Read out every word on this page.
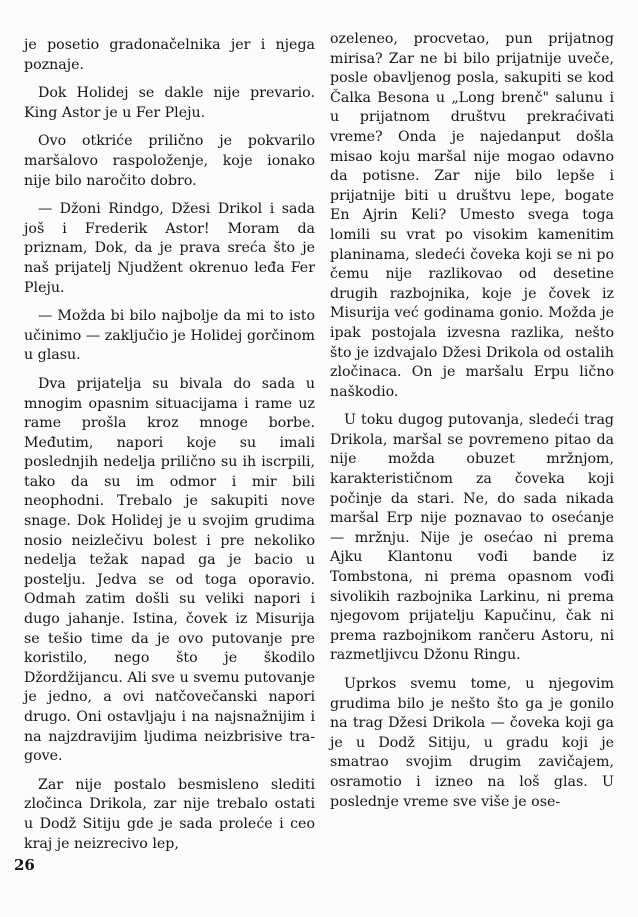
je posetio gradonačelnika jer i njega poznaje.

Dok Holidej se dakle nije prevario. King Astor je u Fer Pleju.

Ovo otkriće prilično je pokvarilo maršalovo raspoloženje, koje ionako nije bilo naročito dobro.

— Džoni Rindgo, Džesi Drikol i sada još i Frederik Astor! Moram da priznam, Dok, da je prava sreća što je naš prijatelj Njudžent okrenuo leđa Fer Pleju.

— Možda bi bilo najbolje da mi to isto učinimo — zaključio je Holidej gorčinom u glasu.

Dva prijatelja su bivala do sada u mnogim opasnim situacijama i rame uz rame prošla kroz mnoge borbe. Međutim, napori koje su imali poslednjih nedelja prilično su ih iscrpili, tako da su im odmor i mir bili neophodni. Trebalo je sakupiti nove snage. Dok Holidej je u svojim grudima nosio neizlečivu bolest i pre nekoliko nedelja težak napad ga je bacio u postelju. Jedva se od toga oporavio. Odmah zatim došli su veliki napori i dugo jahanje. Istina, čovek iz Misurija se tešio time da je ovo putovanje pre koristilo, nego što je škodilo Džordžijancu. Ali sve u svemu putovanje je jedno, a ovi natčovečanski napori drugo. Oni ostavljaju i na najsnažnijim i na najzdravijim ljudima neizbrisive tragove.

Zar nije postalo besmisleno slediti zločinca Drikola, zar nije trebalo ostati u Dodž Sitiju gde je sada proleće i ceo kraj je neizrecivo lep,

ozelenео, procvetao, pun prijatnog mirisa? Zar ne bi bilo prijatnije uveče, posle obavljenog posla, sakupiti se kod Čalka Besona u „Long brenč" salunu i u prijatnom društvu prekraćivati vreme? Onda je najedanput došla misao koju maršal nije mogao odavno da potisne. Zar nije bilo lepše i prijatnije biti u društvu lepe, bogate En Ajrin Keli? Umesto svega toga lomili su vrat po visokim kamenitim planinama, sledeći čoveka koji se ni po čemu nije razlikovao od desetine drugih razbojnika, koje je čovek iz Misurija već godinama gonio. Možda je ipak postojala izvesna razlika, nešto što je izdvajalo Džesi Drikola od ostalih zločinaca. On je maršalu Erpu lično naškodio.

U toku dugog putovanja, sledeći trag Drikola, maršal se povremeno pitao da nije možda obuzet mržnjom, karakterističnom za čoveka koji počinje da stari. Ne, do sada nikada maršal Erp nije poznavao to osećanje — mržnju. Nije je osećao ni prema Ajku Klantonu vođi bande iz Tombstona, ni prema opasnom vođi sivolikih razbojnika Larkinu, ni prema njegovom prijatelju Kapučinu, čak ni prema razbojnikom rančeru Astoru, ni razmetljivcu Džonu Ringu.

Uprkos svemu tome, u njegovim grudima bilo je nešto što ga je gonilo na trag Džesi Drikola — čoveka koji ga je u Dodž Sitiju, u gradu koji je smatrao svojim drugim zavičajem, osramotio i izneo na loš glas. U poslednje vreme sve više je ose-

26
